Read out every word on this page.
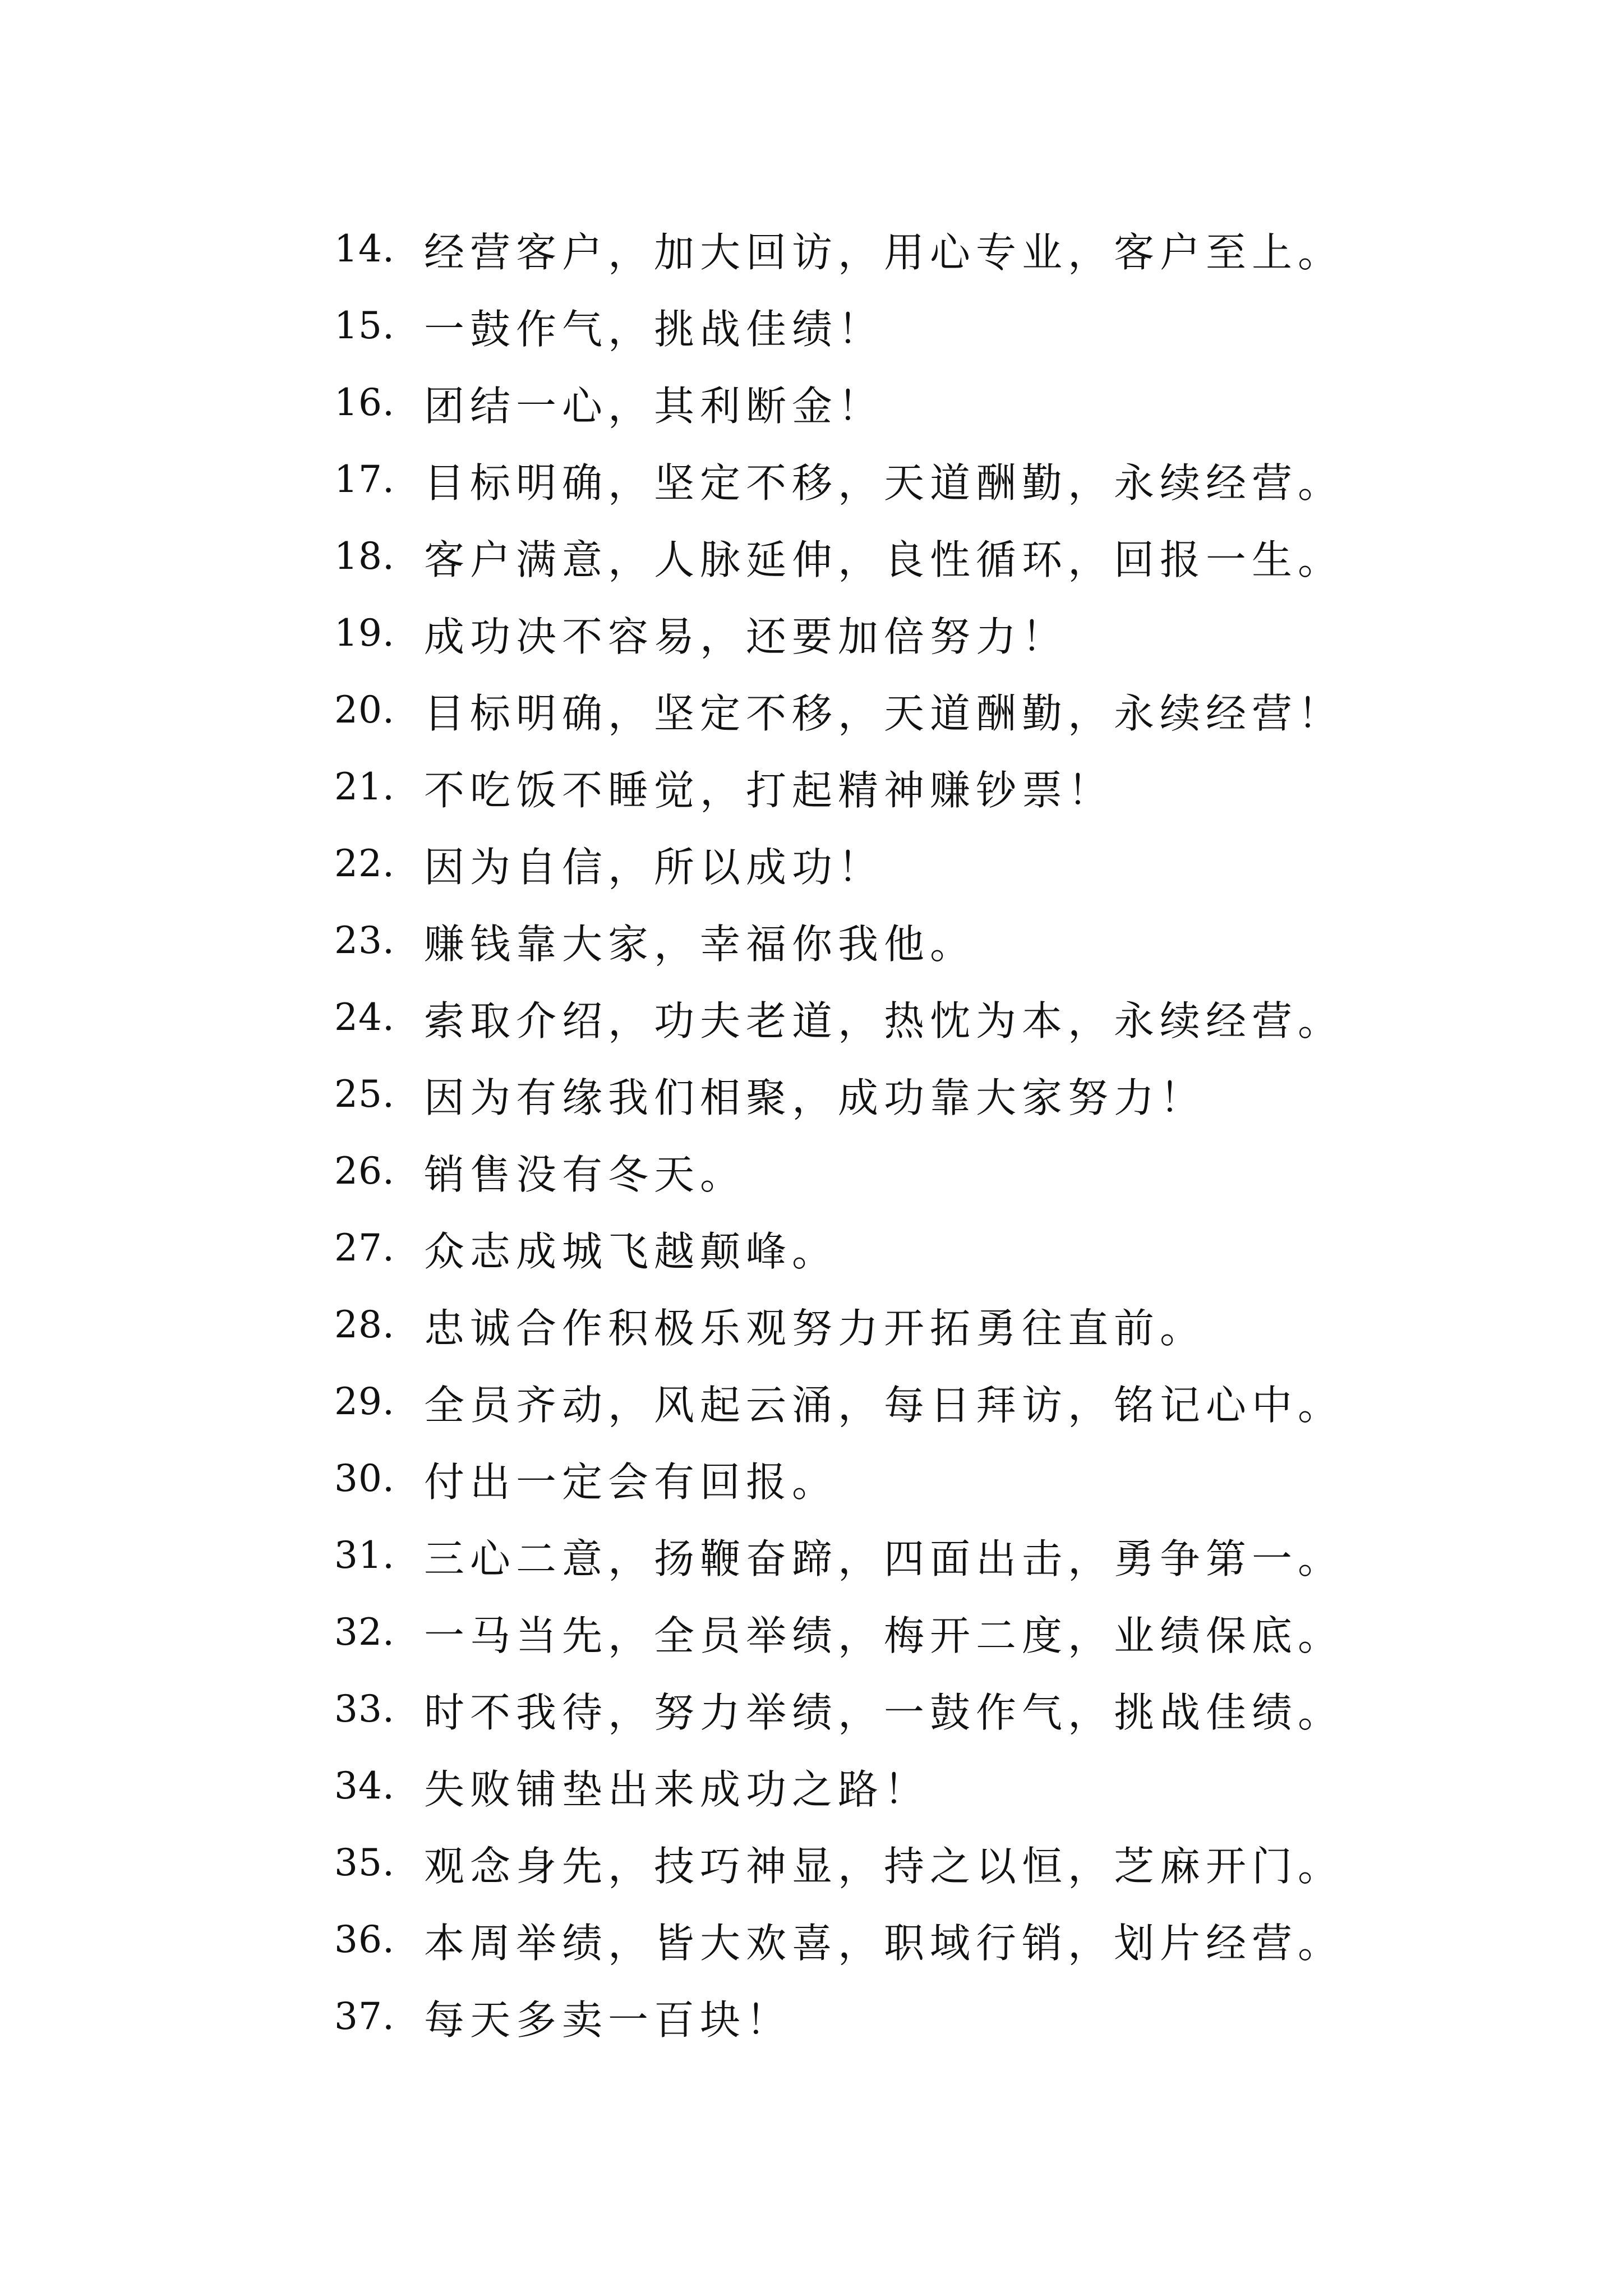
14. 经营客户，加大回访，用心专业，客户至上。
15. 一鼓作气，挑战佳绩！
16. 团结一心，其利断金！
17. 目标明确，坚定不移，天道酬勤，永续经营。
18. 客户满意，人脉延伸，良性循环，回报一生。
19. 成功决不容易，还要加倍努力！
20. 目标明确，坚定不移，天道酬勤，永续经营！
21. 不吃饭不睡觉，打起精神赚钞票！
22. 因为自信，所以成功！
23. 赚钱靠大家，幸福你我他。
24. 索取介绍，功夫老道，热忱为本，永续经营。
25. 因为有缘我们相聚，成功靠大家努力！
26. 销售没有冬天。
27. 众志成城飞越颠峰。
28. 忠诚合作积极乐观努力开拓勇往直前。
29. 全员齐动，风起云涌，每日拜访，铭记心中。
30. 付出一定会有回报。
31. 三心二意，扬鞭奋蹄，四面出击，勇争第一。
32. 一马当先，全员举绩，梅开二度，业绩保底。
33. 时不我待，努力举绩，一鼓作气，挑战佳绩。
34. 失败铺垫出来成功之路！
35. 观念身先，技巧神显，持之以恒，芝麻开门。
36. 本周举绩，皆大欢喜，职域行销，划片经营。
37. 每天多卖一百块！
